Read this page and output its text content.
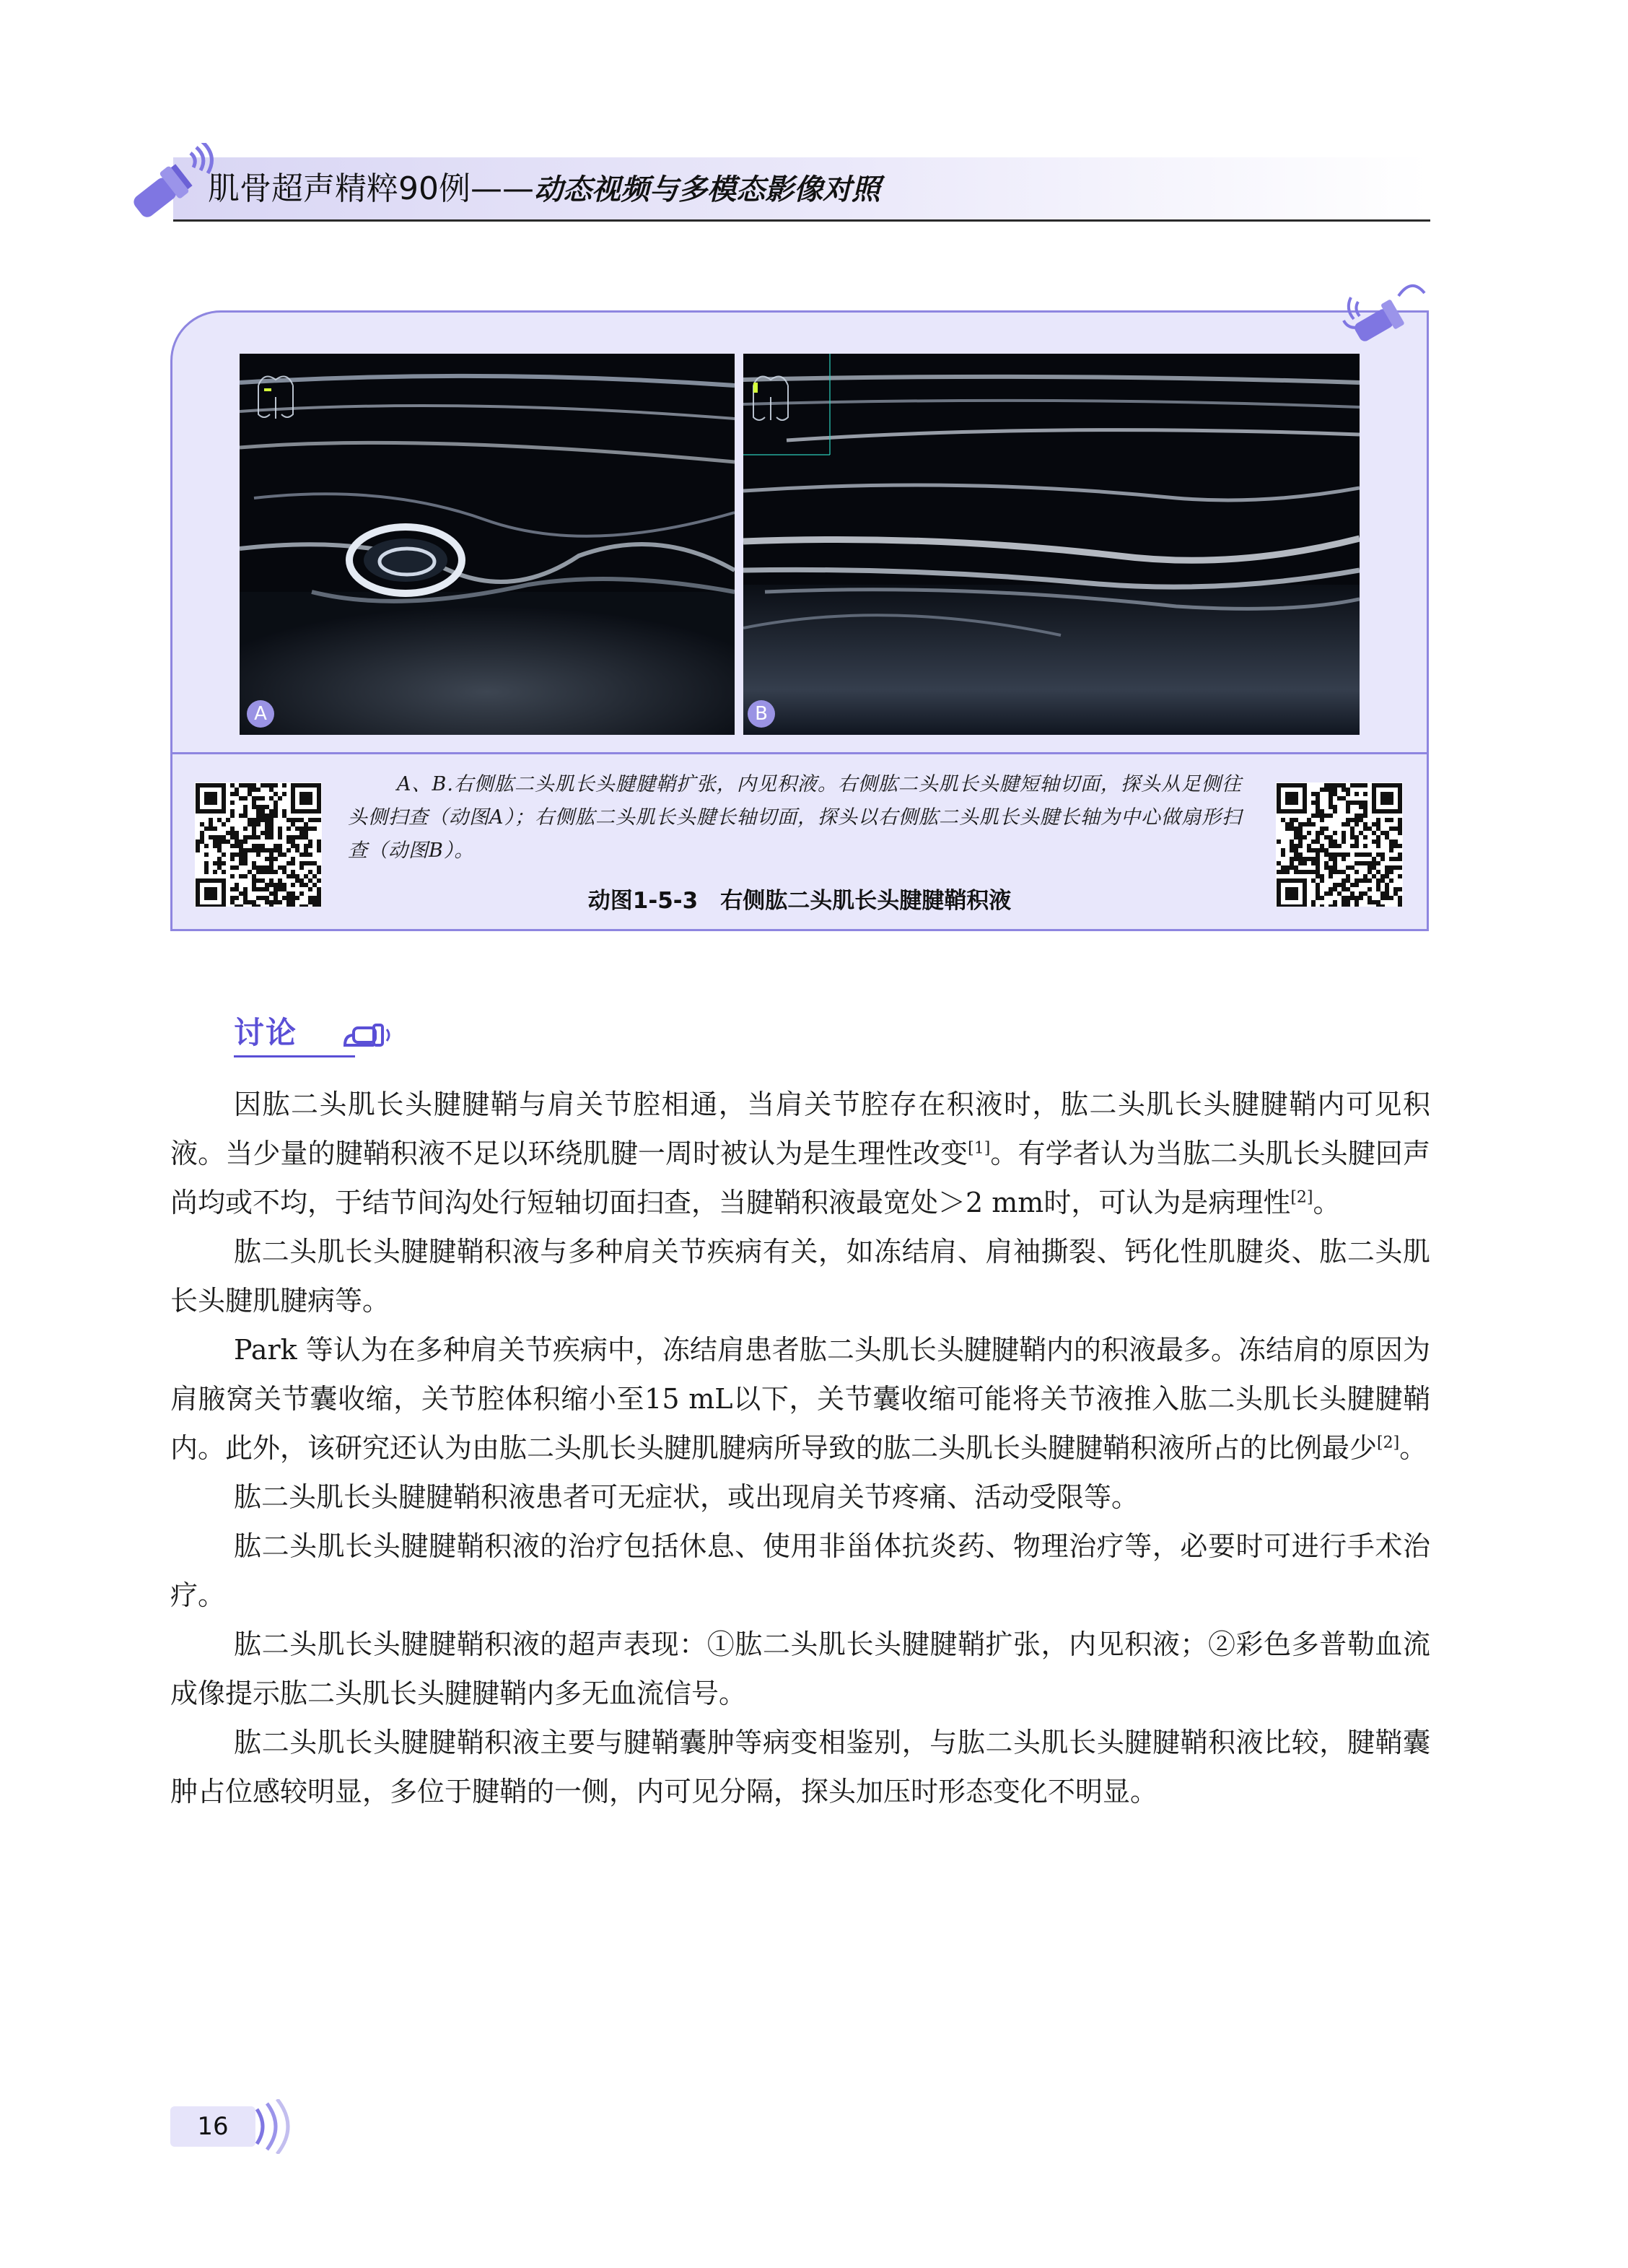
肌骨超声精粹90例——动态视频与多模态影像对照
A	B
A、B.右侧肱二头肌长头腱腱鞘扩张，内见积液。右侧肱二头肌长头腱短轴切面，探头从足侧往头侧扫查（动图A）；右侧肱二头肌长头腱长轴切面，探头以右侧肱二头肌长头腱长轴为中心做扇形扫查（动图B）。
动图1-5-3　右侧肱二头肌长头腱腱鞘积液
讨论

因肱二头肌长头腱腱鞘与肩关节腔相通，当肩关节腔存在积液时，肱二头肌长头腱腱鞘内可见积液。当少量的腱鞘积液不足以环绕肌腱一周时被认为是生理性改变[1]。有学者认为当肱二头肌长头腱回声尚均或不均，于结节间沟处行短轴切面扫查，当腱鞘积液最宽处＞2 mm时，可认为是病理性[2]。

肱二头肌长头腱腱鞘积液与多种肩关节疾病有关，如冻结肩、肩袖撕裂、钙化性肌腱炎、肱二头肌长头腱肌腱病等。

Park 等认为在多种肩关节疾病中，冻结肩患者肱二头肌长头腱腱鞘内的积液最多。冻结肩的原因为肩腋窝关节囊收缩，关节腔体积缩小至15 mL以下，关节囊收缩可能将关节液推入肱二头肌长头腱腱鞘内。此外，该研究还认为由肱二头肌长头腱肌腱病所导致的肱二头肌长头腱腱鞘积液所占的比例最少[2]。

肱二头肌长头腱腱鞘积液患者可无症状，或出现肩关节疼痛、活动受限等。

肱二头肌长头腱腱鞘积液的治疗包括休息、使用非甾体抗炎药、物理治疗等，必要时可进行手术治疗。

肱二头肌长头腱腱鞘积液的超声表现：①肱二头肌长头腱腱鞘扩张，内见积液；②彩色多普勒血流成像提示肱二头肌长头腱腱鞘内多无血流信号。

肱二头肌长头腱腱鞘积液主要与腱鞘囊肿等病变相鉴别，与肱二头肌长头腱腱鞘积液比较，腱鞘囊肿占位感较明显，多位于腱鞘的一侧，内可见分隔，探头加压时形态变化不明显。

16
